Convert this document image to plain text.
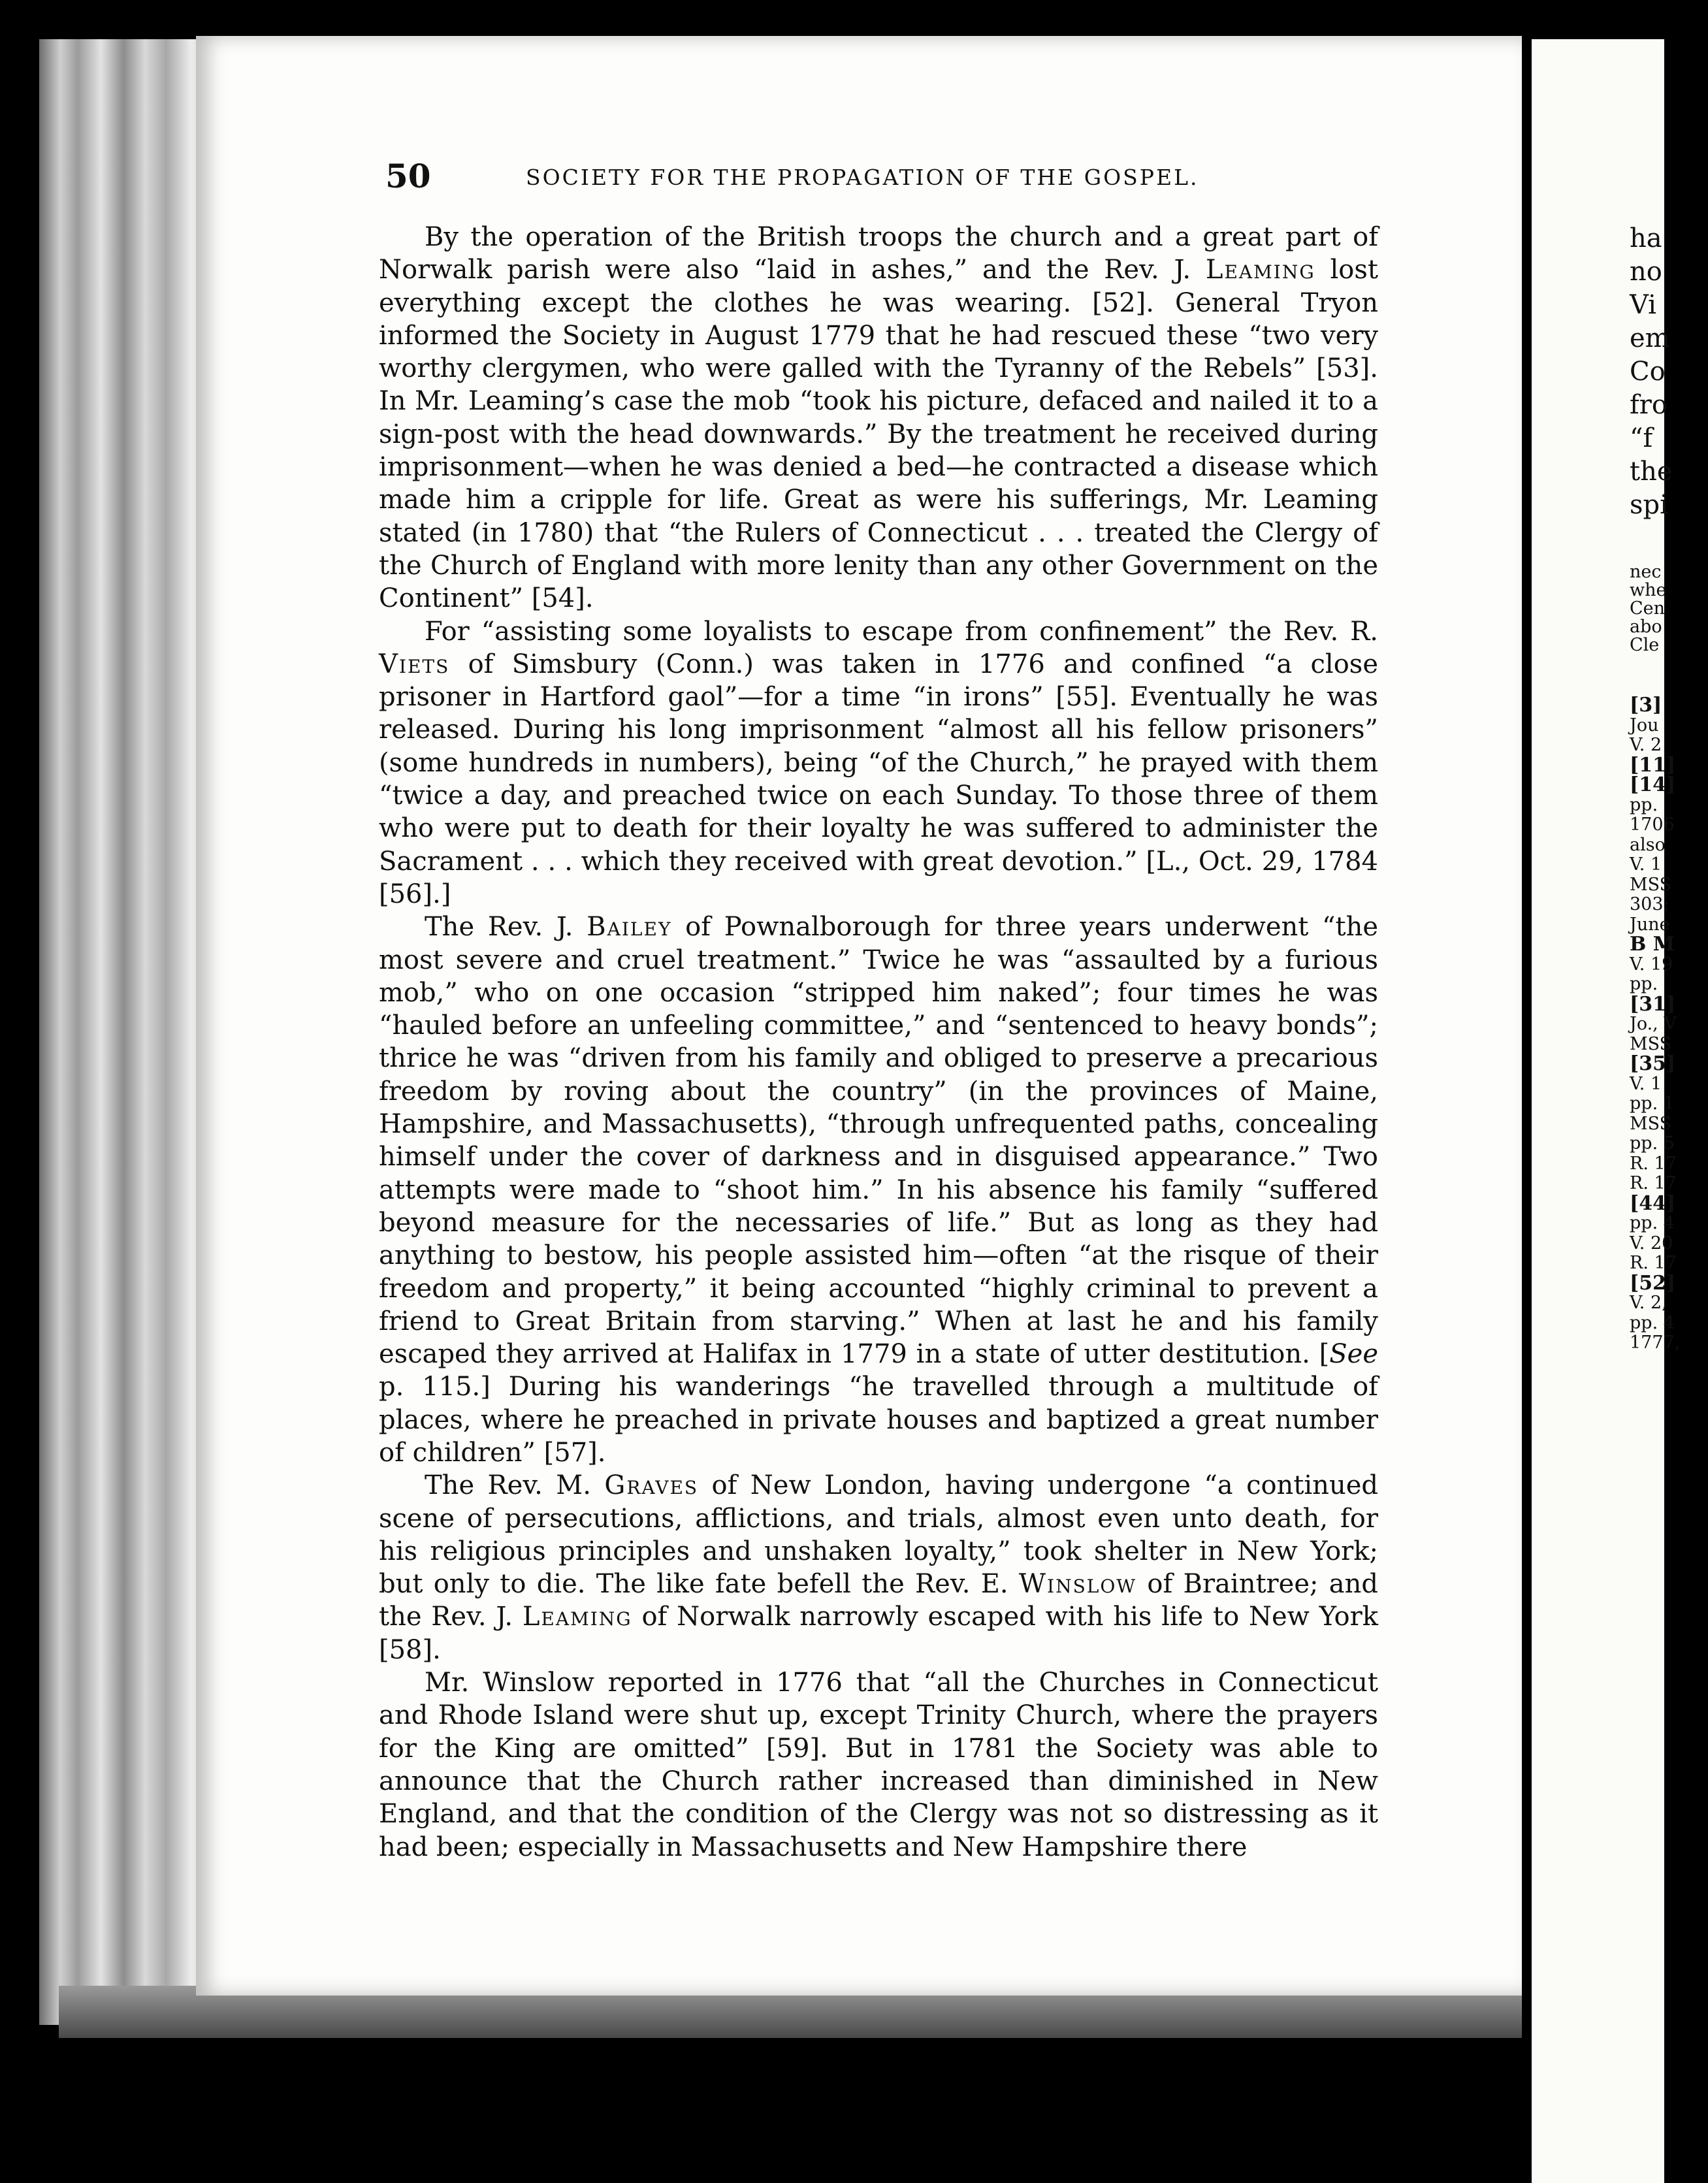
50	SOCIETY FOR THE PROPAGATION OF THE GOSPEL.

By the operation of the British troops the church and a great part of Norwalk parish were also “laid in ashes,” and the Rev. J. Leaming lost everything except the clothes he was wearing. [52]. General Tryon informed the Society in August 1779 that he had rescued these “two very worthy clergymen, who were galled with the Tyranny of the Rebels” [53]. In Mr. Leaming’s case the mob “took his picture, defaced and nailed it to a sign-post with the head downwards.” By the treatment he received during imprisonment—when he was denied a bed—he contracted a disease which made him a cripple for life. Great as were his sufferings, Mr. Leaming stated (in 1780) that “the Rulers of Connecticut . . . treated the Clergy of the Church of England with more lenity than any other Government on the Continent” [54].

For “assisting some loyalists to escape from confinement” the Rev. R. Viets of Simsbury (Conn.) was taken in 1776 and confined “a close prisoner in Hartford gaol”—for a time “in irons” [55]. Eventually he was released. During his long imprisonment “almost all his fellow prisoners” (some hundreds in numbers), being “of the Church,” he prayed with them “twice a day, and preached twice on each Sunday. To those three of them who were put to death for their loyalty he was suffered to administer the Sacrament . . . which they received with great devotion.” [L., Oct. 29, 1784 [56].]

The Rev. J. Bailey of Pownalborough for three years underwent “the most severe and cruel treatment.” Twice he was “assaulted by a furious mob,” who on one occasion “stripped him naked”; four times he was “hauled before an unfeeling committee,” and “sentenced to heavy bonds”; thrice he was “driven from his family and obliged to preserve a precarious freedom by roving about the country” (in the provinces of Maine, Hampshire, and Massachusetts), “through unfrequented paths, concealing himself under the cover of darkness and in disguised appearance.” Two attempts were made to “shoot him.” In his absence his family “suffered beyond measure for the necessaries of life.” But as long as they had anything to bestow, his people assisted him—often “at the risque of their freedom and property,” it being accounted “highly criminal to prevent a friend to Great Britain from starving.” When at last he and his family escaped they arrived at Halifax in 1779 in a state of utter destitution. [See p. 115.] During his wanderings “he travelled through a multitude of places, where he preached in private houses and baptized a great number of children” [57].

The Rev. M. Graves of New London, having undergone “a continued scene of persecutions, afflictions, and trials, almost even unto death, for his religious principles and unshaken loyalty,” took shelter in New York; but only to die. The like fate befell the Rev. E. Winslow of Braintree; and the Rev. J. Leaming of Norwalk narrowly escaped with his life to New York [58].

Mr. Winslow reported in 1776 that “all the Churches in Connecticut and Rhode Island were shut up, except Trinity Church, where the prayers for the King are omitted” [59]. But in 1781 the Society was able to announce that the Church rather increased than diminished in New England, and that the condition of the Clergy was not so distressing as it had been; especially in Massachusetts and New Hampshire there

ha
no
Vi
em
Co
fro
“f
the
spi
nec
whe
Cen
abo
Cle
[3]
Jou
V. 2
[11]
[14]
pp.
1706
also
V. 1
MSS
303;
June
B M
V. 19
pp.
[31]
Jo., V
MSS
[35]
V. 1
pp. 1
MSS
pp. 5
R. 17
R. 17
[44]
pp. 4
V. 20
R. 17
[52]
V. 2,
pp. 4
1777,
